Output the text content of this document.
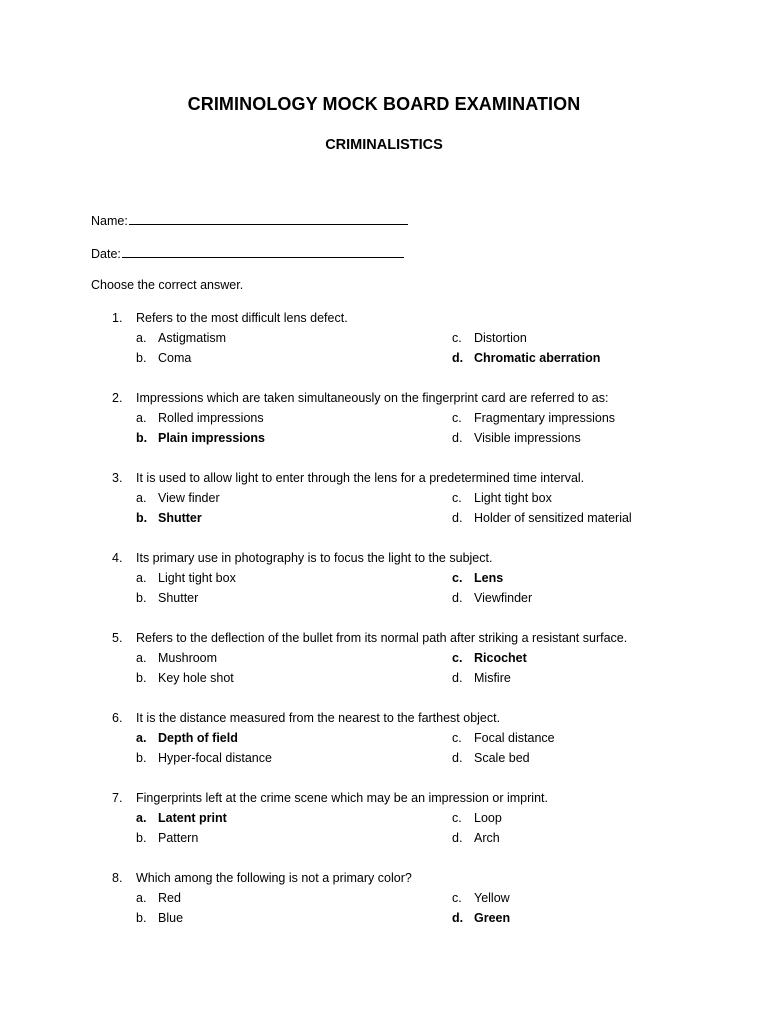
CRIMINOLOGY MOCK BOARD EXAMINATION
CRIMINALISTICS
Name:
Date:
Choose the correct answer.
1. Refers to the most difficult lens defect.
a. Astigmatism
b. Coma
c. Distortion
d. Chromatic aberration
2. Impressions which are taken simultaneously on the fingerprint card are referred to as:
a. Rolled impressions
b. Plain impressions
c. Fragmentary impressions
d. Visible impressions
3. It is used to allow light to enter through the lens for a predetermined time interval.
a. View finder
b. Shutter
c. Light tight box
d. Holder of sensitized material
4. Its primary use in photography is to focus the light to the subject.
a. Light tight box
b. Shutter
c. Lens
d. Viewfinder
5. Refers to the deflection of the bullet from its normal path after striking a resistant surface.
a. Mushroom
b. Key hole shot
c. Ricochet
d. Misfire
6. It is the distance measured from the nearest to the farthest object.
a. Depth of field
b. Hyper-focal distance
c. Focal distance
d. Scale bed
7. Fingerprints left at the crime scene which may be an impression or imprint.
a. Latent print
b. Pattern
c. Loop
d. Arch
8. Which among the following is not a primary color?
a. Red
b. Blue
c. Yellow
d. Green
